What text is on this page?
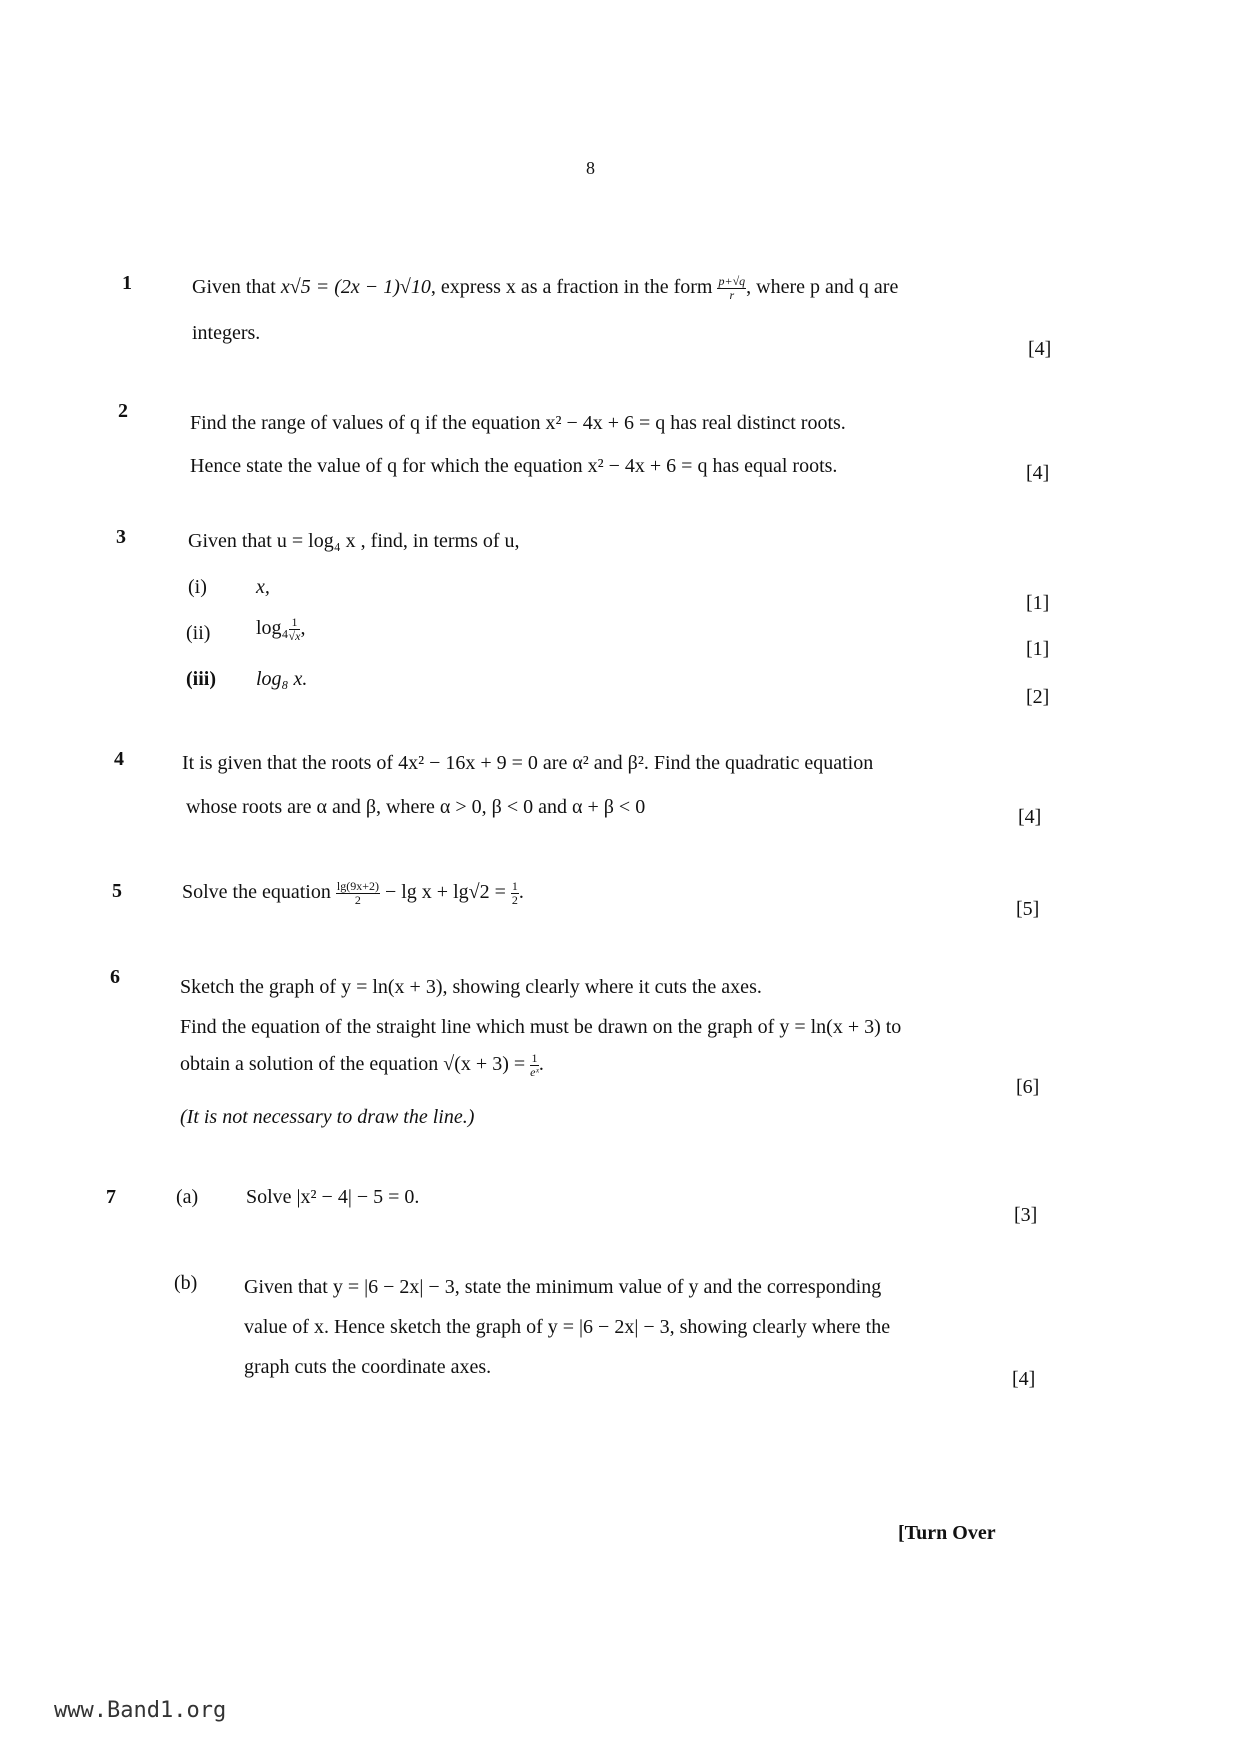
8
1	Given that x√5 = (2x − 1)√10, express x as a fraction in the form $\frac{p+√q}{r}$ , where p and q are
integers.
[4]
2
Find the range of values of q if the equation x² − 4x + 6 = q has real distinct roots.
Hence state the value of q for which the equation x² − 4x + 6 = q has equal roots.	[4]
3	Given that u = log₄ x , find, in terms of u,
(i) x,
[1]
(ii) $\log_4 \frac{1}{√x}$ ,
[1]
(iii) log₈ x.
[2]
4	It is given that the roots of 4x² − 16x + 9 = 0 are α² and β². Find the quadratic equation
whose roots are α and β, where α > 0, β < 0 and α + β < 0	[4]
5	Solve the equation $\frac{\lg(9x+2)}{2} - \lg x + \lg√2 = \frac{1}{2}$ .
[5]
6	Sketch the graph of y = ln(x + 3), showing clearly where it cuts the axes.
Find the equation of the straight line which must be drawn on the graph of y = ln(x + 3) to
obtain a solution of the equation $√(x + 3) = \frac{1}{\text{eˣ}}$ .
(It is not necessary to draw the line.)
[6]
7	(a) Solve |x² − 4| − 5 = 0.
[3]
(b) Given that y = |6 − 2x| − 3, state the minimum value of y and the corresponding
value of x. Hence sketch the graph of y = |6 − 2x| − 3, showing clearly where the
graph cuts the coordinate axes.
[4]
[Turn Over
www.Band1.org
